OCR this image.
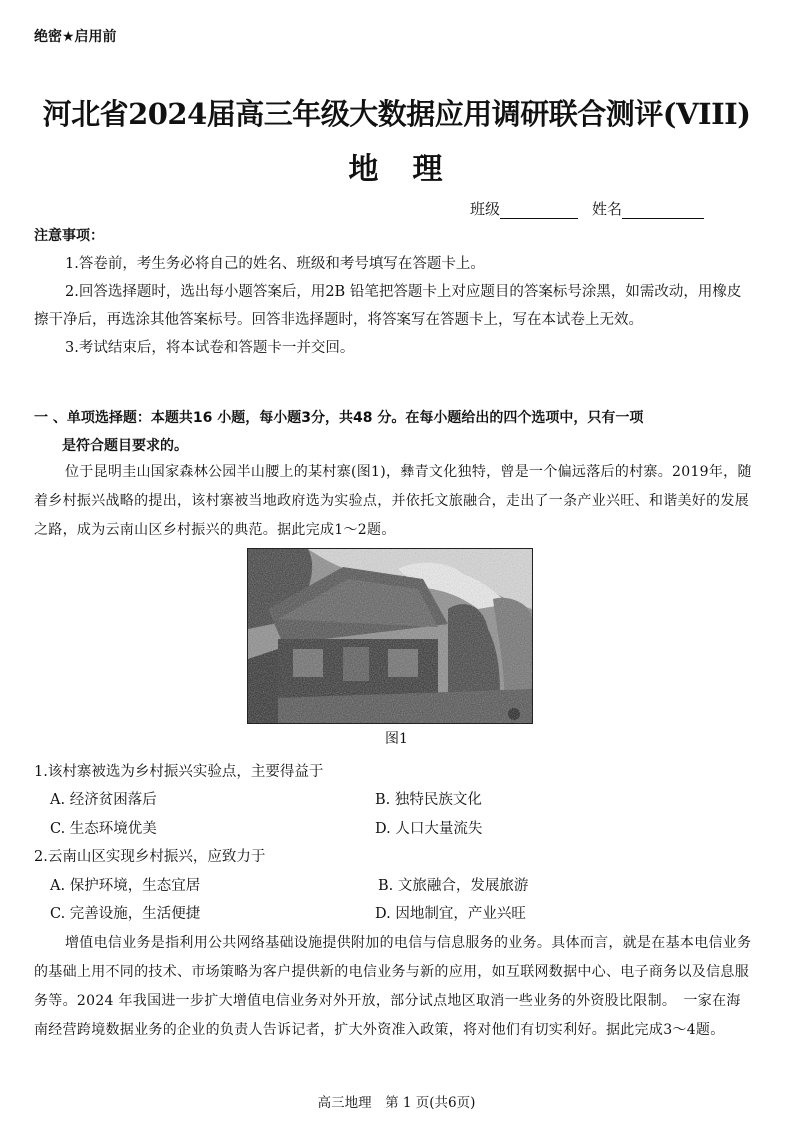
绝密★启用前
河北省2024届高三年级大数据应用调研联合测评(VIII)
地　理
班级	姓名
注意事项：

1.答卷前，考生务必将自己的姓名、班级和考号填写在答题卡上。

2.回答选择题时，选出每小题答案后，用2B 铅笔把答题卡上对应题目的答案标号涂黑，如需改动，用橡皮擦干净后，再选涂其他答案标号。回答非选择题时，将答案写在答题卡上，写在本试卷上无效。

3.考试结束后，将本试卷和答题卡一并交回。

一 、单项选择题：本题共16 小题，每小题3分，共48 分。在每小题给出的四个选项中，只有一项
是符合题目要求的。
位于昆明圭山国家森林公园半山腰上的某村寨(图1)，彝青文化独特，曾是一个偏远落后的村寨。2019年，随着乡村振兴战略的提出，该村寨被当地政府选为实验点，并依托文旅融合，走出了一条产业兴旺、和谐美好的发展之路，成为云南山区乡村振兴的典范。据此完成1～2题。
图1
1.该村寨被选为乡村振兴实验点，主要得益于
A. 经济贫困落后	B. 独特民族文化
C. 生态环境优美	D. 人口大量流失
2.云南山区实现乡村振兴，应致力于
A. 保护环境，生态宜居	B. 文旅融合，发展旅游
C. 完善设施，生活便捷	D. 因地制宜，产业兴旺
增值电信业务是指利用公共网络基础设施提供附加的电信与信息服务的业务。具体而言，就是在基本电信业务的基础上用不同的技术、市场策略为客户提供新的电信业务与新的应用，如互联网数据中心、电子商务以及信息服务等。2024 年我国进一步扩大增值电信业务对外开放，部分试点地区取消一些业务的外资股比限制。　一家在海南经营跨境数据业务的企业的负责人告诉记者，扩大外资准入政策，将对他们有切实利好。据此完成3～4题。
高三地理　第 1 页(共6页)
